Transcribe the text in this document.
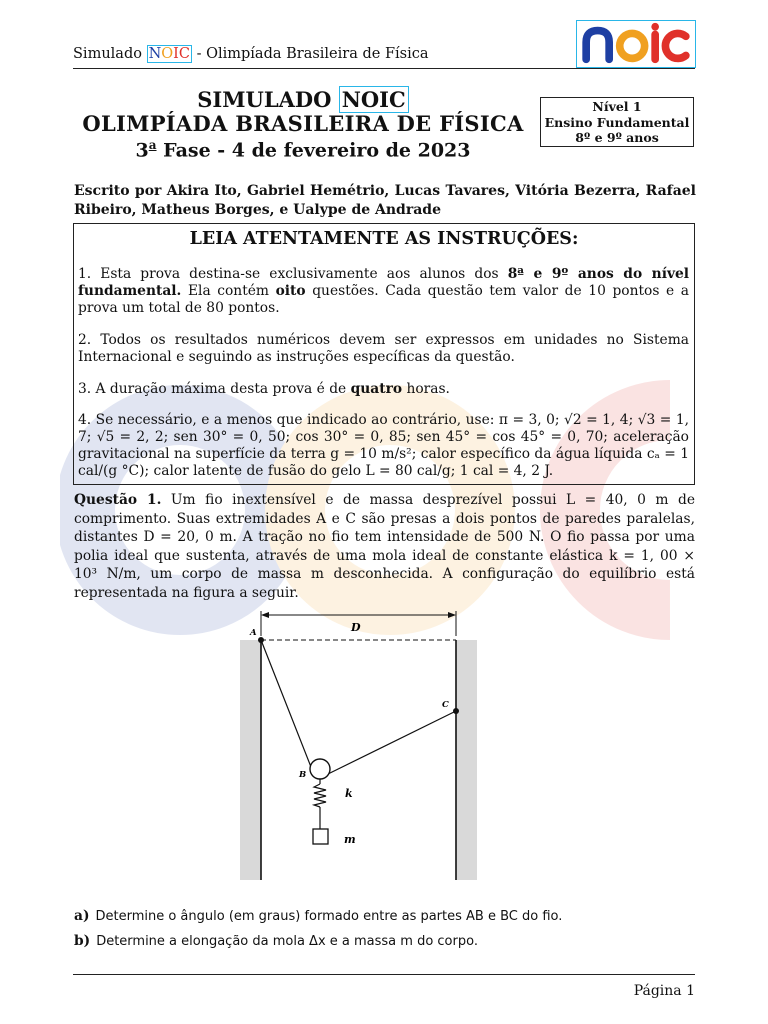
Simulado NOIC - Olimpíada Brasileira de Física
SIMULADO NOIC
OLIMPÍADA BRASILEIRA DE FÍSICA
3$^a$ Fase - 4 de fevereiro de 2023
Nível 1
Ensino Fundamental
8º e 9º anos
Escrito por Akira Ito, Gabriel Hemétrio, Lucas Tavares, Vitória Bezerra, Rafael Ribeiro, Matheus Borges, e Ualype de Andrade
LEIA ATENTAMENTE AS INSTRUÇÕES:
1. Esta prova destina-se exclusivamente aos alunos dos 8ª e 9º anos do nível fundamental. Ela contém oito questões. Cada questão tem valor de 10 pontos e a prova um total de 80 pontos.
2. Todos os resultados numéricos devem ser expressos em unidades no Sistema Internacional e seguindo as instruções específicas da questão.
3. A duração máxima desta prova é de quatro horas.
4. Se necessário, e a menos que indicado ao contrário, use: π = 3, 0; √2 = 1, 4; √3 = 1, 7; √5 = 2, 2; sen 30° = 0, 50; cos 30° = 0, 85; sen 45° = cos 45° = 0, 70; aceleração gravitacional na superfície da terra g = 10 m/s²; calor específico da água líquida cₐ = 1 cal/(g °C); calor latente de fusão do gelo L = 80 cal/g; 1 cal = 4, 2 J.
Questão 1. Um fio inextensível e de massa desprezível possui L = 40, 0 m de comprimento. Suas extremidades A e C são presas a dois pontos de paredes paralelas, distantes D = 20, 0 m. A tração no fio tem intensidade de 500 N. O fio passa por uma polia ideal que sustenta, através de uma mola ideal de constante elástica k = 1, 00 × 10³ N/m, um corpo de massa m desconhecida. A configuração do equilíbrio está representada na figura a seguir.
A
C
B
D
k
m
a) Determine o ângulo (em graus) formado entre as partes AB e BC do fio.
b) Determine a elongação da mola Δx e a massa m do corpo.
Página 1
